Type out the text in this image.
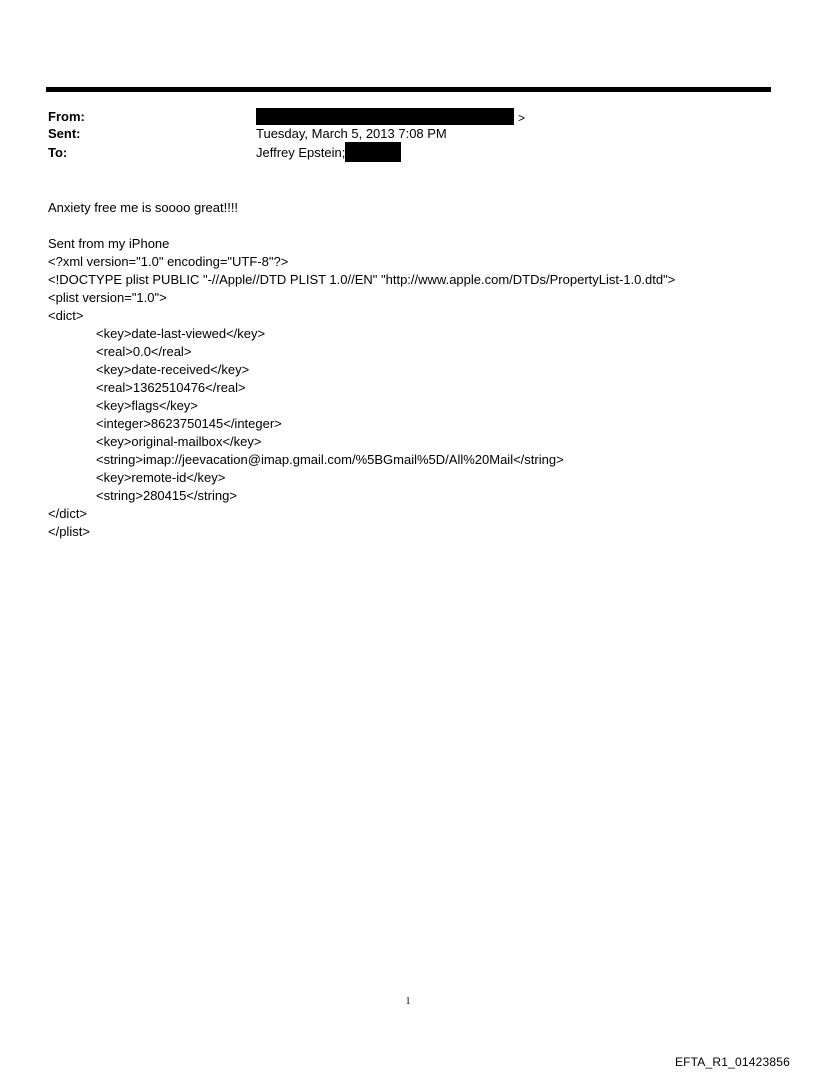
From:	>
Sent:	Tuesday, March 5, 2013 7:08 PM
To:	Jeffrey Epstein;
Anxiety free me is soooo great!!!!
Sent from my iPhone
<?xml version="1.0" encoding="UTF-8"?>
<!DOCTYPE plist PUBLIC "-//Apple//DTD PLIST 1.0//EN" "http://www.apple.com/DTDs/PropertyList-1.0.dtd">
<plist version="1.0">
<dict>
<key>date-last-viewed</key>
<real>0.0</real>
<key>date-received</key>
<real>1362510476</real>
<key>flags</key>
<integer>8623750145</integer>
<key>original-mailbox</key>
<string>imap://jeevacation@imap.gmail.com/%5BGmail%5D/All%20Mail</string>
<key>remote-id</key>
<string>280415</string>
</dict>
</plist>
1
EFTA_R1_01423856
